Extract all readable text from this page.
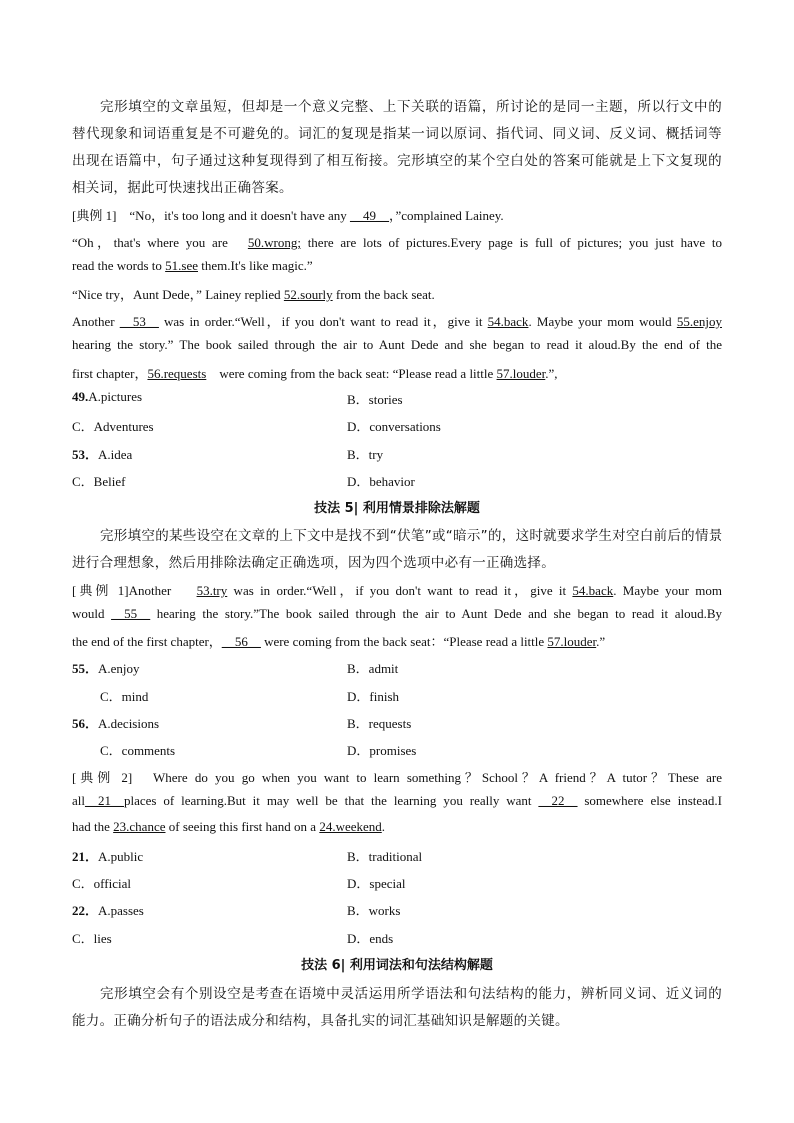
完形填空的文章虽短，但却是一个意义完整、上下关联的语篇，所讨论的是同一主题，所以行文中的
替代现象和词语重复是不可避免的。词汇的复现是指某一词以原词、指代词、同义词、反义词、概括词等
出现在语篇中，句子通过这种复现得到了相互衔接。完形填空的某个空白处的答案可能就是上下文复现的
相关词，据此可快速找出正确答案。
[典例 1]　“No，it's too long and it doesn't have any __49__，”complained Lainey.
“Oh，that's where you are　50.wrong; there are lots of pictures.Every page is full of pictures; you just have to
read the words to 51.see them.It's like magic.”
“Nice try，Aunt Dede，” Lainey replied 52.sourly from the back seat.
Another __53__ was in order.“Well，if you don't want to read it，give it 54.back. Maybe your mom would 55.enjoy
hearing the story.” The book sailed through the air to Aunt Dede and she began to read it aloud.By the end of the
first chapter，56.requests　were coming from the back seat: “Please read a little 57.louder.”,
49.A.pictures	B．stories
C．Adventures	D．conversations
53．A.idea	B．try
C．Belief	D．behavior
技法 5| 利用情景排除法解题
完形填空的某些设空在文章的上下文中是找不到“伏笔”或“暗示”的，这时就要求学生对空白前后的情景
进行合理想象，然后用排除法确定正确选项，因为四个选项中必有一正确选择。
[典例 1]Another　 53.try was in order.“Well，if you don't want to read it，give it 54.back. Maybe your mom
would __55__ hearing the story.”The book sailed through the air to Aunt Dede and she began to read it aloud.By
the end of the first chapter，__56__ were coming from the back seat：“Please read a little 57.louder.”
55．A.enjoy	B．admit
C．mind	D．finish
56．A.decisions	B．requests
C．comments	D．promises
[典例 2]　Where do you go when you want to learn something？School？A friend？A tutor？These are
all__21__places of learning.But it may well be that the learning you really want __22__ somewhere else instead.I
had the 23.chance of seeing this first hand on a 24.weekend.
21．A.public	B．traditional
C．official	D．special
22．A.passes	B．works
C．lies	D．ends
技法 6| 利用词法和句法结构解题
完形填空会有个别设空是考查在语境中灵活运用所学语法和句法结构的能力，辨析同义词、近义词的
能力。正确分析句子的语法成分和结构，具备扎实的词汇基础知识是解题的关键。
